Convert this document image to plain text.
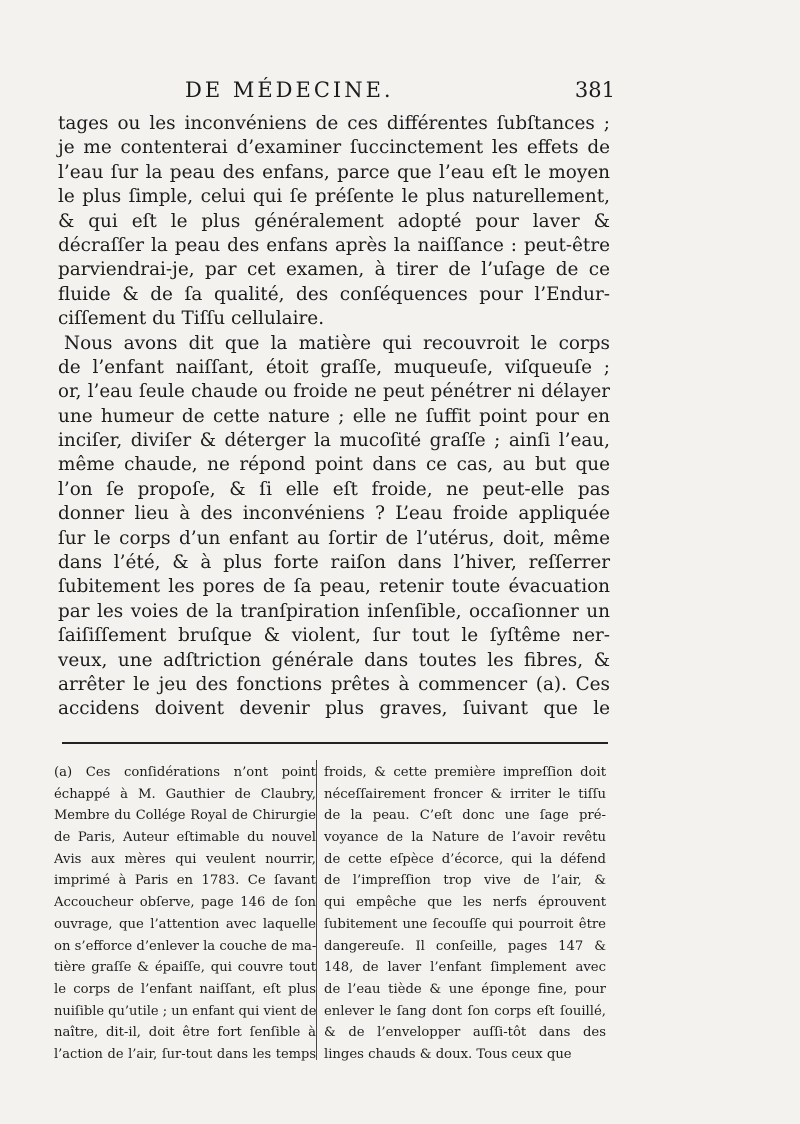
DE MÉDECINE.	381
tages ou les inconvéniens de ces différentes ſubſtances ;
je me contenterai d’examiner ſuccinctement les effets de
l’eau ſur la peau des enfans, parce que l’eau eſt le moyen
le plus ſimple, celui qui ſe préſente le plus naturellement,
& qui eſt le plus généralement adopté pour laver &
décraſſer la peau des enfans après la naiſſance : peut-être
parviendrai-je, par cet examen, à tirer de l’uſage de ce
fluide & de ſa qualité, des conſéquences pour l’Endur-
ciſſement du Tiſſu cellulaire.
Nous avons dit que la matière qui recouvroit le corps
de l’enfant naiſſant, étoit graſſe, muqueuſe, viſqueuſe ;
or, l’eau ſeule chaude ou froide ne peut pénétrer ni délayer
une humeur de cette nature ; elle ne ſuffit point pour en
inciſer, diviſer & déterger la mucoſité graſſe ; ainſi l’eau,
même chaude, ne répond point dans ce cas, au but que
l’on ſe propoſe, & ſi elle eſt froide, ne peut-elle pas
donner lieu à des inconvéniens ? L’eau froide appliquée
ſur le corps d’un enfant au ſortir de l’utérus, doit, même
dans l’été, & à plus forte raiſon dans l’hiver, reſſerrer
ſubitement les pores de ſa peau, retenir toute évacuation
par les voies de la tranſpiration inſenſible, occaſionner un
ſaiſiſſement bruſque & violent, ſur tout le ſyſtême ner-
veux, une adſtriction générale dans toutes les fibres, &
arrêter le jeu des fonctions prêtes à commencer (a). Ces
accidens doivent devenir plus graves, ſuivant que le
(a) Ces conſidérations n’ont point
échappé à M. Gauthier de Claubry,
Membre du Collége Royal de Chirurgie
de Paris, Auteur eſtimable du nouvel
Avis aux mères qui veulent nourrir,
imprimé à Paris en 1783. Ce ſavant
Accoucheur obſerve, page 146 de ſon
ouvrage, que l’attention avec laquelle
on s’efforce d’enlever la couche de ma-
tière graſſe & épaiſſe, qui couvre tout
le corps de l’enfant naiſſant, eſt plus
nuiſible qu’utile ; un enfant qui vient de
naître, dit-il, doit être fort ſenſible à
l’action de l’air, ſur-tout dans les temps
froids, & cette première impreſſion doit
néceſſairement froncer & irriter le tiſſu
de la peau. C’eſt donc une ſage pré-
voyance de la Nature de l’avoir revêtu
de cette eſpèce d’écorce, qui la défend
de l’impreſſion trop vive de l’air, &
qui empêche que les nerfs éprouvent
ſubitement une ſecouſſe qui pourroit être
dangereuſe. Il conſeille, pages 147 &
148, de laver l’enfant ſimplement avec
de l’eau tiède & une éponge fine, pour
enlever le ſang dont ſon corps eſt ſouillé,
& de l’envelopper auſſi-tôt dans des
linges chauds & doux. Tous ceux que
